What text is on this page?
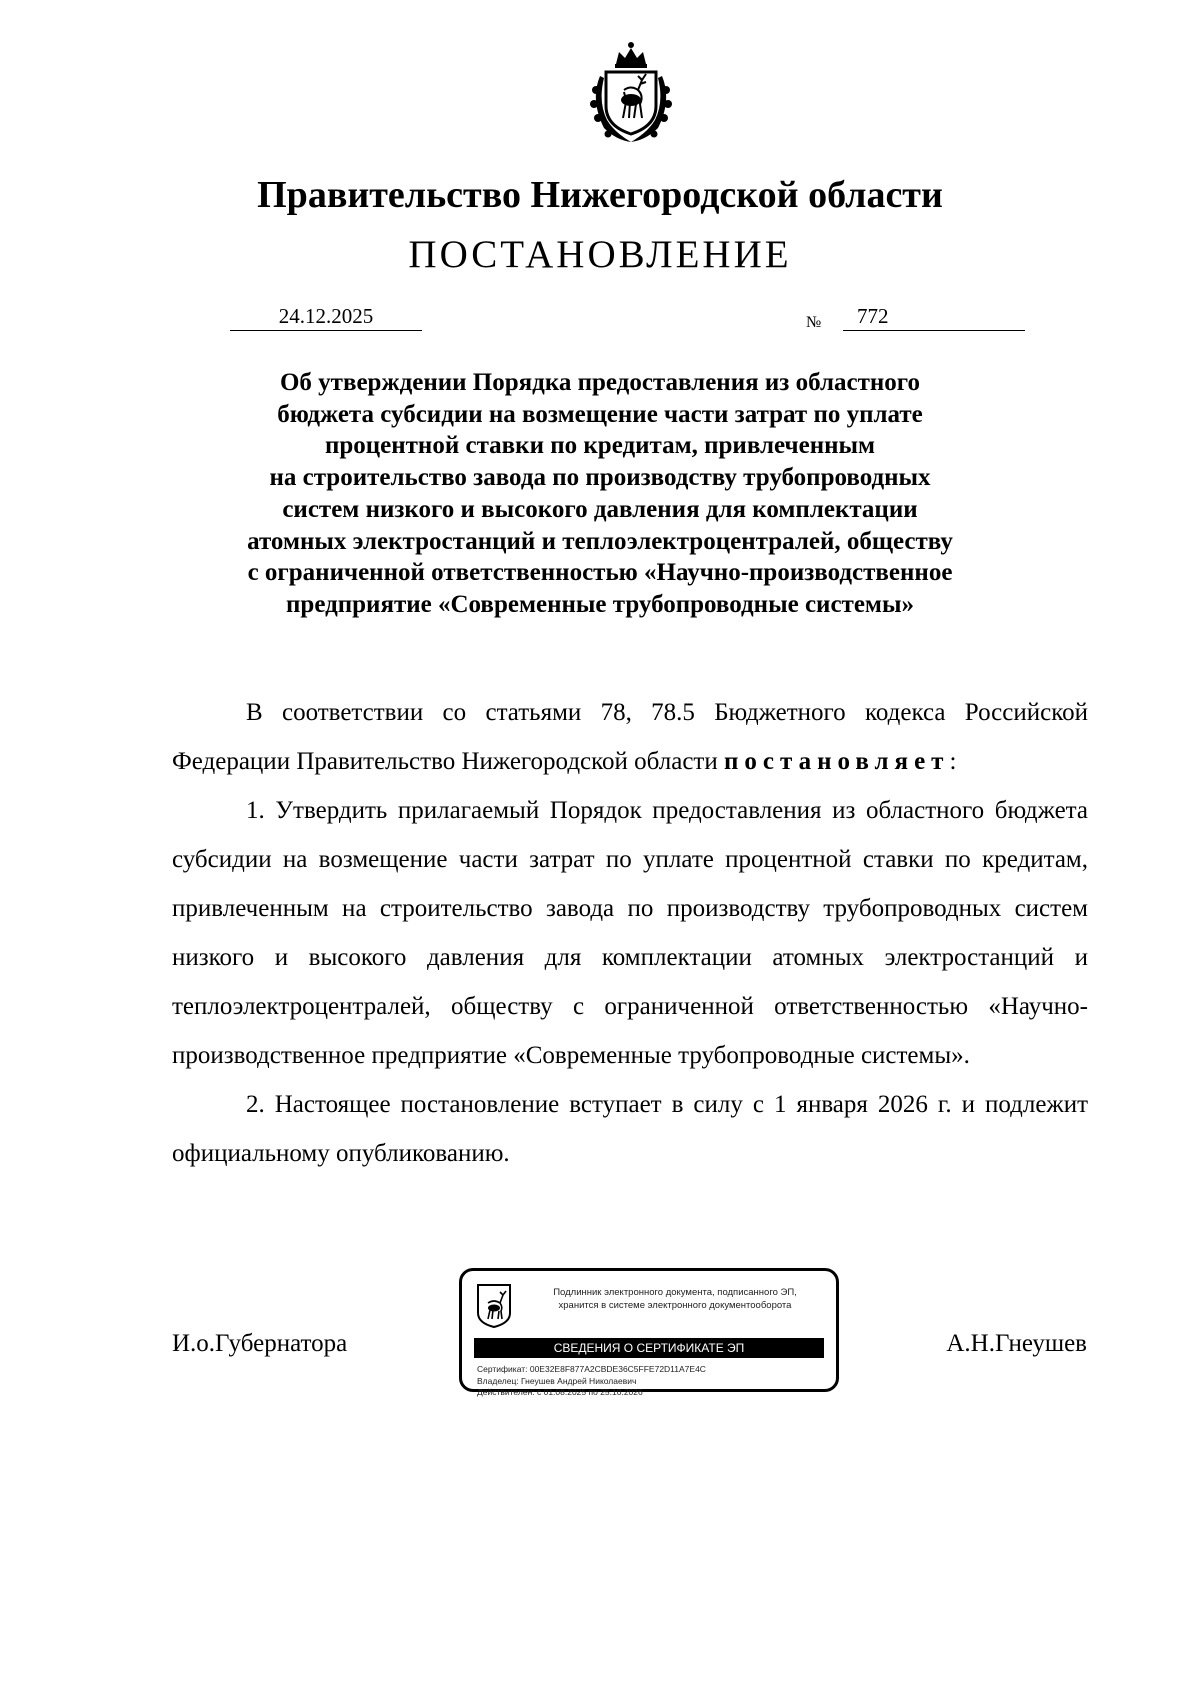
Правительство Нижегородской области
ПОСТАНОВЛЕНИЕ
24.12.2025	№	772
Об утверждении Порядка предоставления из областного
бюджета субсидии на возмещение части затрат по уплате
процентной ставки по кредитам, привлеченным
на строительство завода по производству трубопроводных
систем низкого и высокого давления для комплектации
атомных электростанций и теплоэлектроцентралей, обществу
с ограниченной ответственностью «Научно-производственное
предприятие «Современные трубопроводные системы»

В соответствии со статьями 78, 78.5 Бюджетного кодекса Российской Федерации Правительство Нижегородской области постановляет:

1. Утвердить прилагаемый Порядок предоставления из областного бюджета субсидии на возмещение части затрат по уплате процентной ставки по кредитам, привлеченным на строительство завода по производству трубопроводных систем низкого и высокого давления для комплектации атомных электростанций и теплоэлектроцентралей, обществу с ограниченной ответственностью «Научно-производственное предприятие «Современные трубопроводные системы».

2. Настоящее постановление вступает в силу с 1 января 2026 г. и подлежит официальному опубликованию.

И.о.Губернатора	А.Н.Гнеушев
Подлинник электронного документа, подписанного ЭП,
хранится в системе электронного документооборота
СВЕДЕНИЯ О СЕРТИФИКАТЕ ЭП
Сертификат: 00E32E8F877A2CBDE36C5FFE72D11A7E4C
Владелец: Гнеушев Андрей Николаевич
Действителен: с 01.08.2025 по 25.10.2026
